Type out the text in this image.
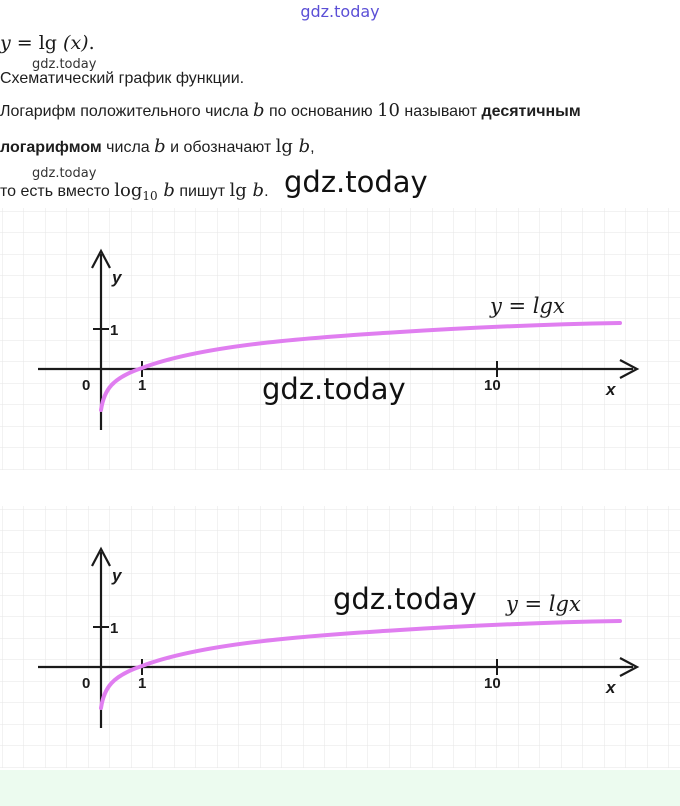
gdz.today
y = lg (x).
gdz.today
Схематический график функции.
Логарифм положительного числа b по основанию 10 называют десятичным
логарифмом числа b и обозначают lg b,
gdz.today
то есть вместо $\log_{10} b$ пишут lg b. gdz.today
y
x
0
1
1	10
y = lgx
gdz.today
y
x
0
1
1	10
y = lgx
gdz.today
